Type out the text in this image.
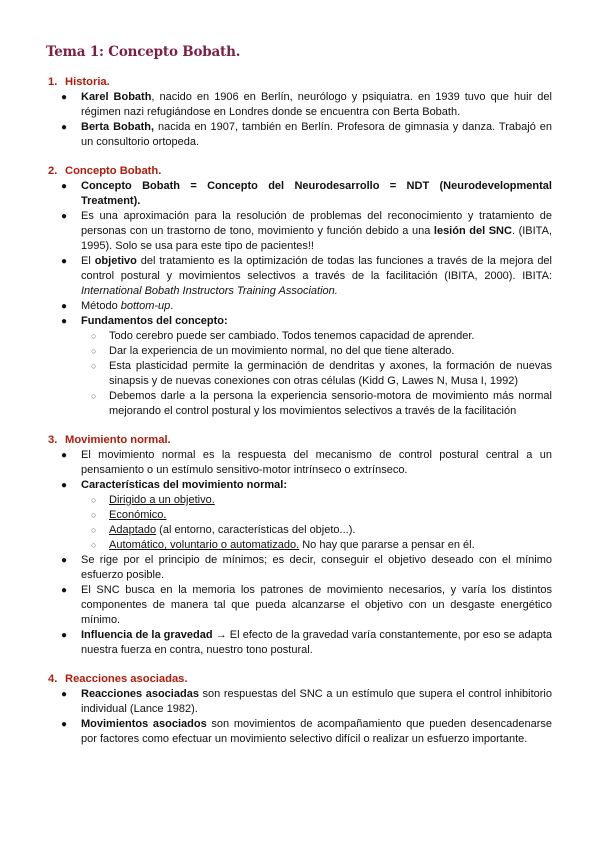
Tema 1: Concepto Bobath.
1. Historia.
● Karel Bobath, nacido en 1906 en Berlín, neurólogo y psiquiatra. en 1939 tuvo que huir del régimen nazi refugiándose en Londres donde se encuentra con Berta Bobath.
● Berta Bobath, nacida en 1907, también en Berlín. Profesora de gimnasia y danza. Trabajó en un consultorio ortopeda.
2. Concepto Bobath.
● Concepto Bobath = Concepto del Neurodesarrollo = NDT (Neurodevelopmental Treatment).
● Es una aproximación para la resolución de problemas del reconocimiento y tratamiento de personas con un trastorno de tono, movimiento y función debido a una lesión del SNC. (IBITA, 1995). Solo se usa para este tipo de pacientes!!
● El objetivo del tratamiento es la optimización de todas las funciones a través de la mejora del control postural y movimientos selectivos a través de la facilitación (IBITA, 2000). IBITA: International Bobath Instructors Training Association.
● Método bottom-up.
● Fundamentos del concepto:
○ Todo cerebro puede ser cambiado. Todos tenemos capacidad de aprender.
○ Dar la experiencia de un movimiento normal, no del que tiene alterado.
○ Esta plasticidad permite la germinación de dendritas y axones, la formación de nuevas sinapsis y de nuevas conexiones con otras células (Kidd G, Lawes N, Musa I, 1992)
○ Debemos darle a la persona la experiencia sensorio-motora de movimiento más normal mejorando el control postural y los movimientos selectivos a través de la facilitación
3. Movimiento normal.
● El movimiento normal es la respuesta del mecanismo de control postural central a un pensamiento o un estímulo sensitivo-motor intrínseco o extrínseco.
● Características del movimiento normal:
○ Dirigido a un objetivo.
○ Económico.
○ Adaptado (al entorno, características del objeto...).
○ Automático, voluntario o automatizado. No hay que pararse a pensar en él.
● Se rige por el principio de mínimos; es decir, conseguir el objetivo deseado con el mínimo esfuerzo posible.
● El SNC busca en la memoria los patrones de movimiento necesarios, y varía los distintos componentes de manera tal que pueda alcanzarse el objetivo con un desgaste energético mínimo.
● Influencia de la gravedad → El efecto de la gravedad varía constantemente, por eso se adapta nuestra fuerza en contra, nuestro tono postural.
4. Reacciones asociadas.
● Reacciones asociadas son respuestas del SNC a un estímulo que supera el control inhibitorio individual (Lance 1982).
● Movimientos asociados son movimientos de acompañamiento que pueden desencadenarse por factores como efectuar un movimiento selectivo difícil o realizar un esfuerzo importante.
